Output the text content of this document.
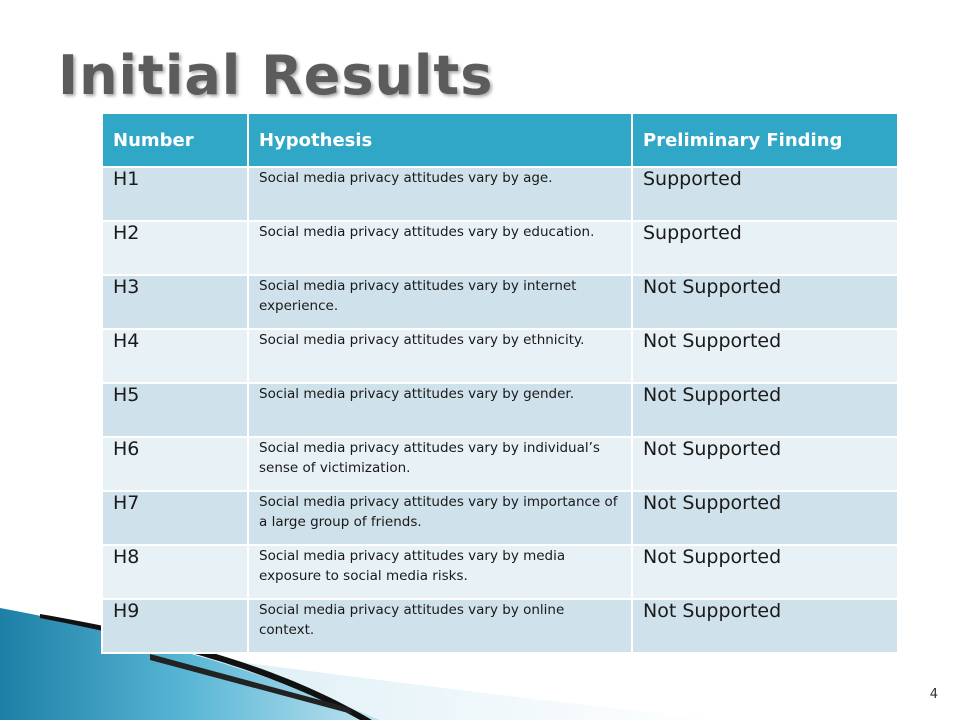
Initial Results
Number	Hypothesis	Preliminary Finding
H1	Social media privacy attitudes vary by age.	Supported
H2	Social media privacy attitudes vary by education.	Supported
H3	Social media privacy attitudes vary by internet experience.	Not Supported
H4	Social media privacy attitudes vary by ethnicity.	Not Supported
H5	Social media privacy attitudes vary by gender.	Not Supported
H6	Social media privacy attitudes vary by individual’s sense of victimization.	Not Supported
H7	Social media privacy attitudes vary by importance of a large group of friends.	Not Supported
H8	Social media privacy attitudes vary by media exposure to social media risks.	Not Supported
H9	Social media privacy attitudes vary by online context.	Not Supported
4
